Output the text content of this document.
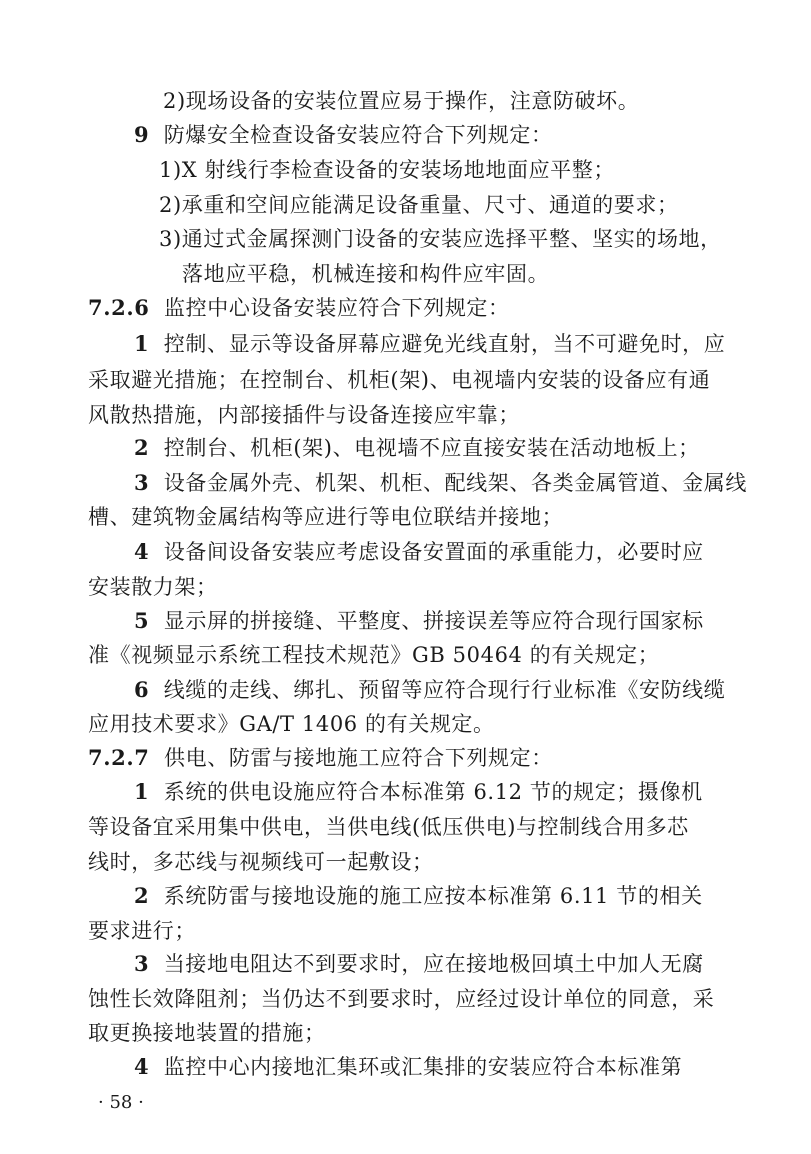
2)现场设备的安装位置应易于操作，注意防破坏。
9 防爆安全检查设备安装应符合下列规定：
1)X 射线行李检查设备的安装场地地面应平整；
2)承重和空间应能满足设备重量、尺寸、通道的要求；
3)通过式金属探测门设备的安装应选择平整、坚实的场地，
落地应平稳，机械连接和构件应牢固。
7.2.6 监控中心设备安装应符合下列规定：
1 控制、显示等设备屏幕应避免光线直射，当不可避免时，应
采取避光措施；在控制台、机柜(架)、电视墙内安装的设备应有通
风散热措施，内部接插件与设备连接应牢靠；
2 控制台、机柜(架)、电视墙不应直接安装在活动地板上；
3 设备金属外壳、机架、机柜、配线架、各类金属管道、金属线
槽、建筑物金属结构等应进行等电位联结并接地；
4 设备间设备安装应考虑设备安置面的承重能力，必要时应
安装散力架；
5 显示屏的拼接缝、平整度、拼接误差等应符合现行国家标
准《视频显示系统工程技术规范》GB 50464 的有关规定；
6 线缆的走线、绑扎、预留等应符合现行行业标准《安防线缆
应用技术要求》GA/T 1406 的有关规定。
7.2.7 供电、防雷与接地施工应符合下列规定：
1 系统的供电设施应符合本标准第 6.12 节的规定；摄像机
等设备宜采用集中供电，当供电线(低压供电)与控制线合用多芯
线时，多芯线与视频线可一起敷设；
2 系统防雷与接地设施的施工应按本标准第 6.11 节的相关
要求进行；
3 当接地电阻达不到要求时，应在接地极回填土中加人无腐
蚀性长效降阻剂；当仍达不到要求时，应经过设计单位的同意，采
取更换接地装置的措施；
4 监控中心内接地汇集环或汇集排的安装应符合本标准第
· 58 ·
